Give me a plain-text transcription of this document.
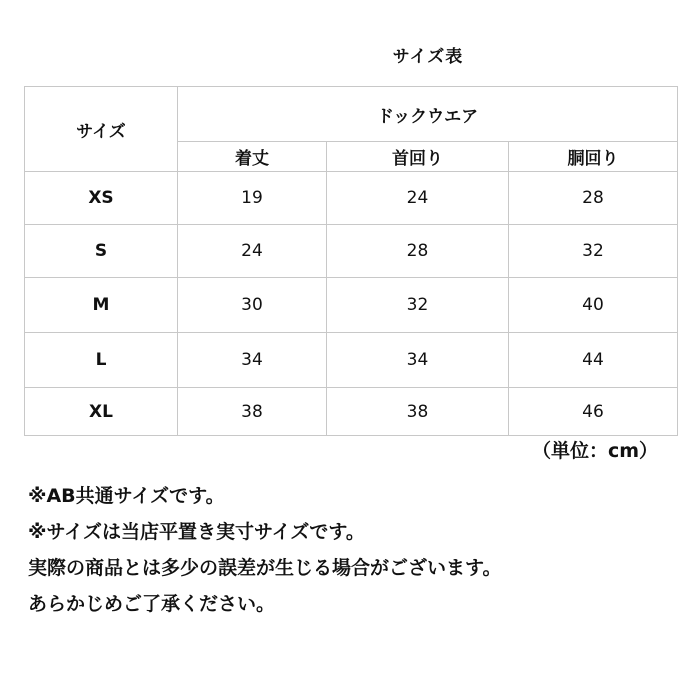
サイズ表
サイズ	ドックウエア		
	着丈	首回り	胴回り
XS	19	24	28
S	24	28	32
M	30	32	40
L	34	34	44
XL	38	38	46
（単位：cm）
※AB共通サイズです。
※サイズは当店平置き実寸サイズです。
実際の商品とは多少の誤差が生じる場合がございます。
あらかじめご了承ください。
